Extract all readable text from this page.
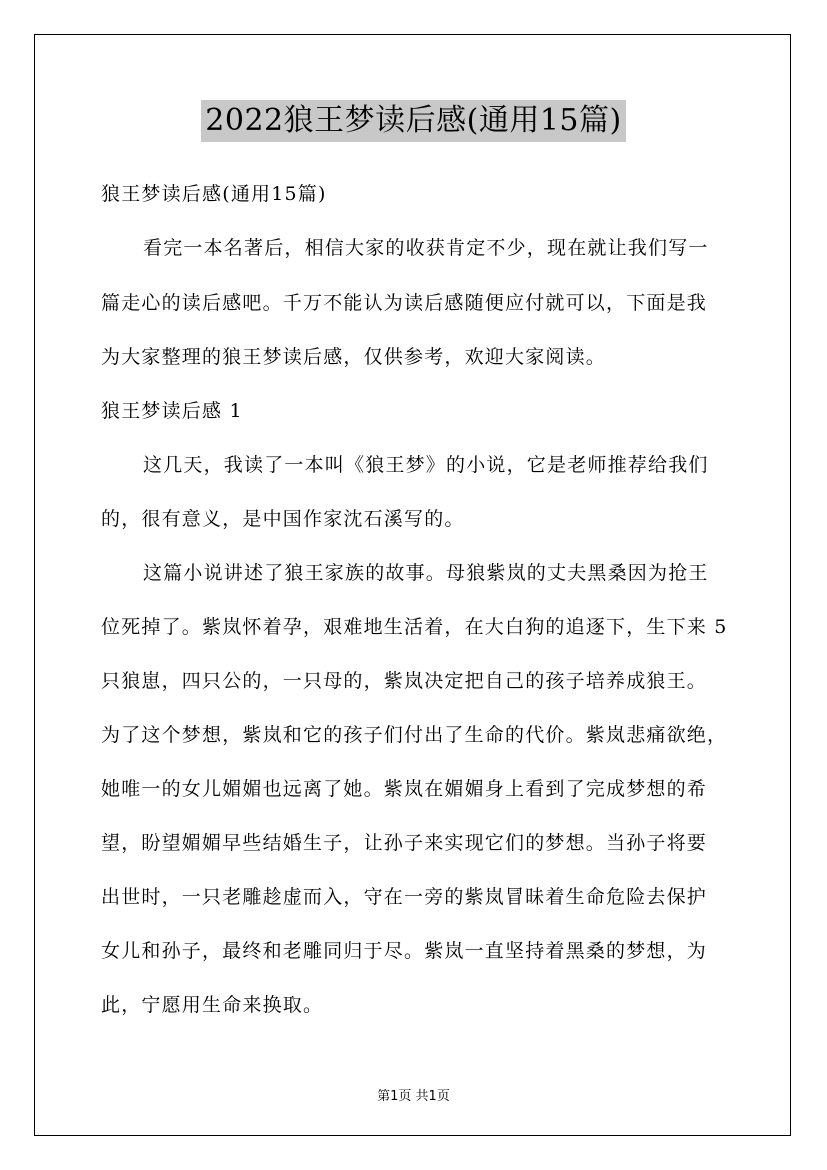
2022狼王梦读后感(通用15篇)
狼王梦读后感(通用15篇)
看完一本名著后，相信大家的收获肯定不少，现在就让我们写一
篇走心的读后感吧。千万不能认为读后感随便应付就可以，下面是我
为大家整理的狼王梦读后感，仅供参考，欢迎大家阅读。
狼王梦读后感 1
这几天，我读了一本叫《狼王梦》的小说，它是老师推荐给我们
的，很有意义，是中国作家沈石溪写的。
这篇小说讲述了狼王家族的故事。母狼紫岚的丈夫黑桑因为抢王
位死掉了。紫岚怀着孕，艰难地生活着，在大白狗的追逐下，生下来 5
只狼崽，四只公的，一只母的，紫岚决定把自己的孩子培养成狼王。
为了这个梦想，紫岚和它的孩子们付出了生命的代价。紫岚悲痛欲绝，
她唯一的女儿媚媚也远离了她。紫岚在媚媚身上看到了完成梦想的希
望，盼望媚媚早些结婚生子，让孙子来实现它们的梦想。当孙子将要
出世时，一只老雕趁虚而入，守在一旁的紫岚冒昧着生命危险去保护
女儿和孙子，最终和老雕同归于尽。紫岚一直坚持着黑桑的梦想，为
此，宁愿用生命来换取。
第1页 共1页
